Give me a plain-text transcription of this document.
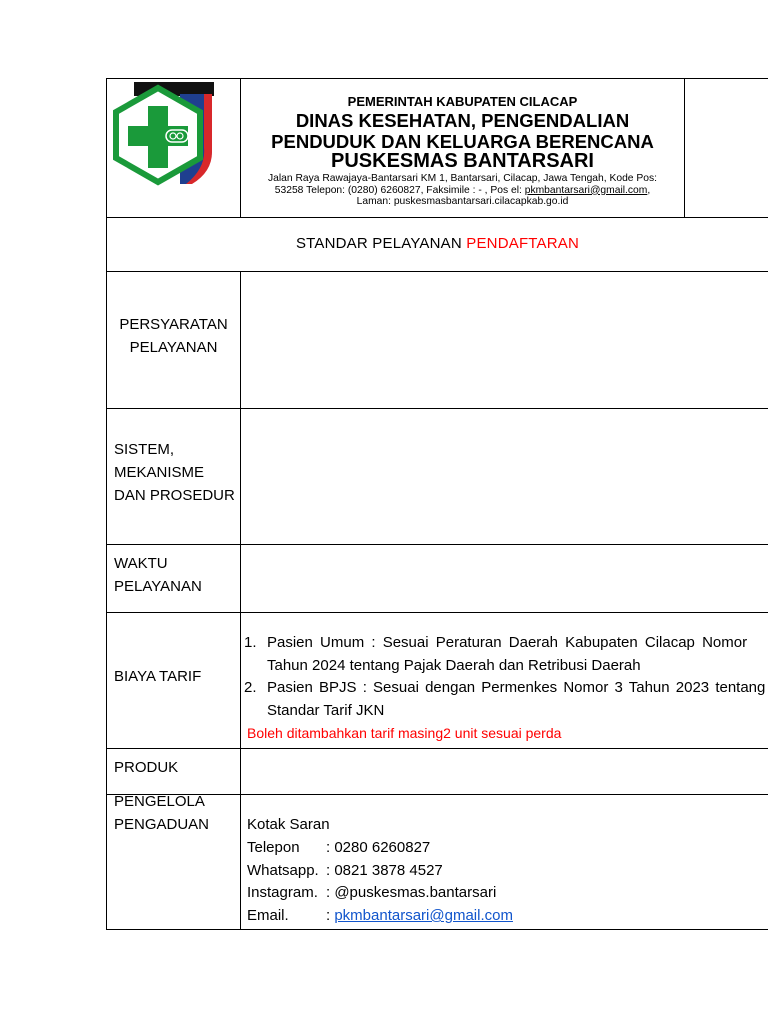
PEMERINTAH KABUPATEN CILACAP
DINAS KESEHATAN, PENGENDALIAN
PENDUDUK DAN KELUARGA BERENCANA
PUSKESMAS BANTARSARI
Jalan Raya Rawajaya-Bantarsari KM 1, Bantarsari, Cilacap, Jawa Tengah, Kode Pos:
53258 Telepon: (0280) 6260827, Faksimile : - , Pos el: pkmbantarsari@gmail.com,
Laman: puskesmasbantarsari.cilacapkab.go.id
STANDAR PELAYANAN PENDAFTARAN
PERSYARATAN
PELAYANAN
SISTEM,
MEKANISME
DAN PROSEDUR
WAKTU
PELAYANAN
BIAYA TARIF
1. Pasien Umum : Sesuai Peraturan Daerah Kabupaten Cilacap Nomor
Tahun 2024 tentang Pajak Daerah dan Retribusi Daerah
2. Pasien BPJS : Sesuai dengan Permenkes Nomor 3 Tahun 2023 tentang
Standar Tarif JKN
Boleh ditambahkan tarif masing2 unit sesuai perda
PRODUK
PENGELOLA
PENGADUAN	Kotak Saran
Telepon : 0280 6260827
Whatsapp. : 0821 3878 4527
Instagram. : @puskesmas.bantarsari
Email. : pkmbantarsari@gmail.com
